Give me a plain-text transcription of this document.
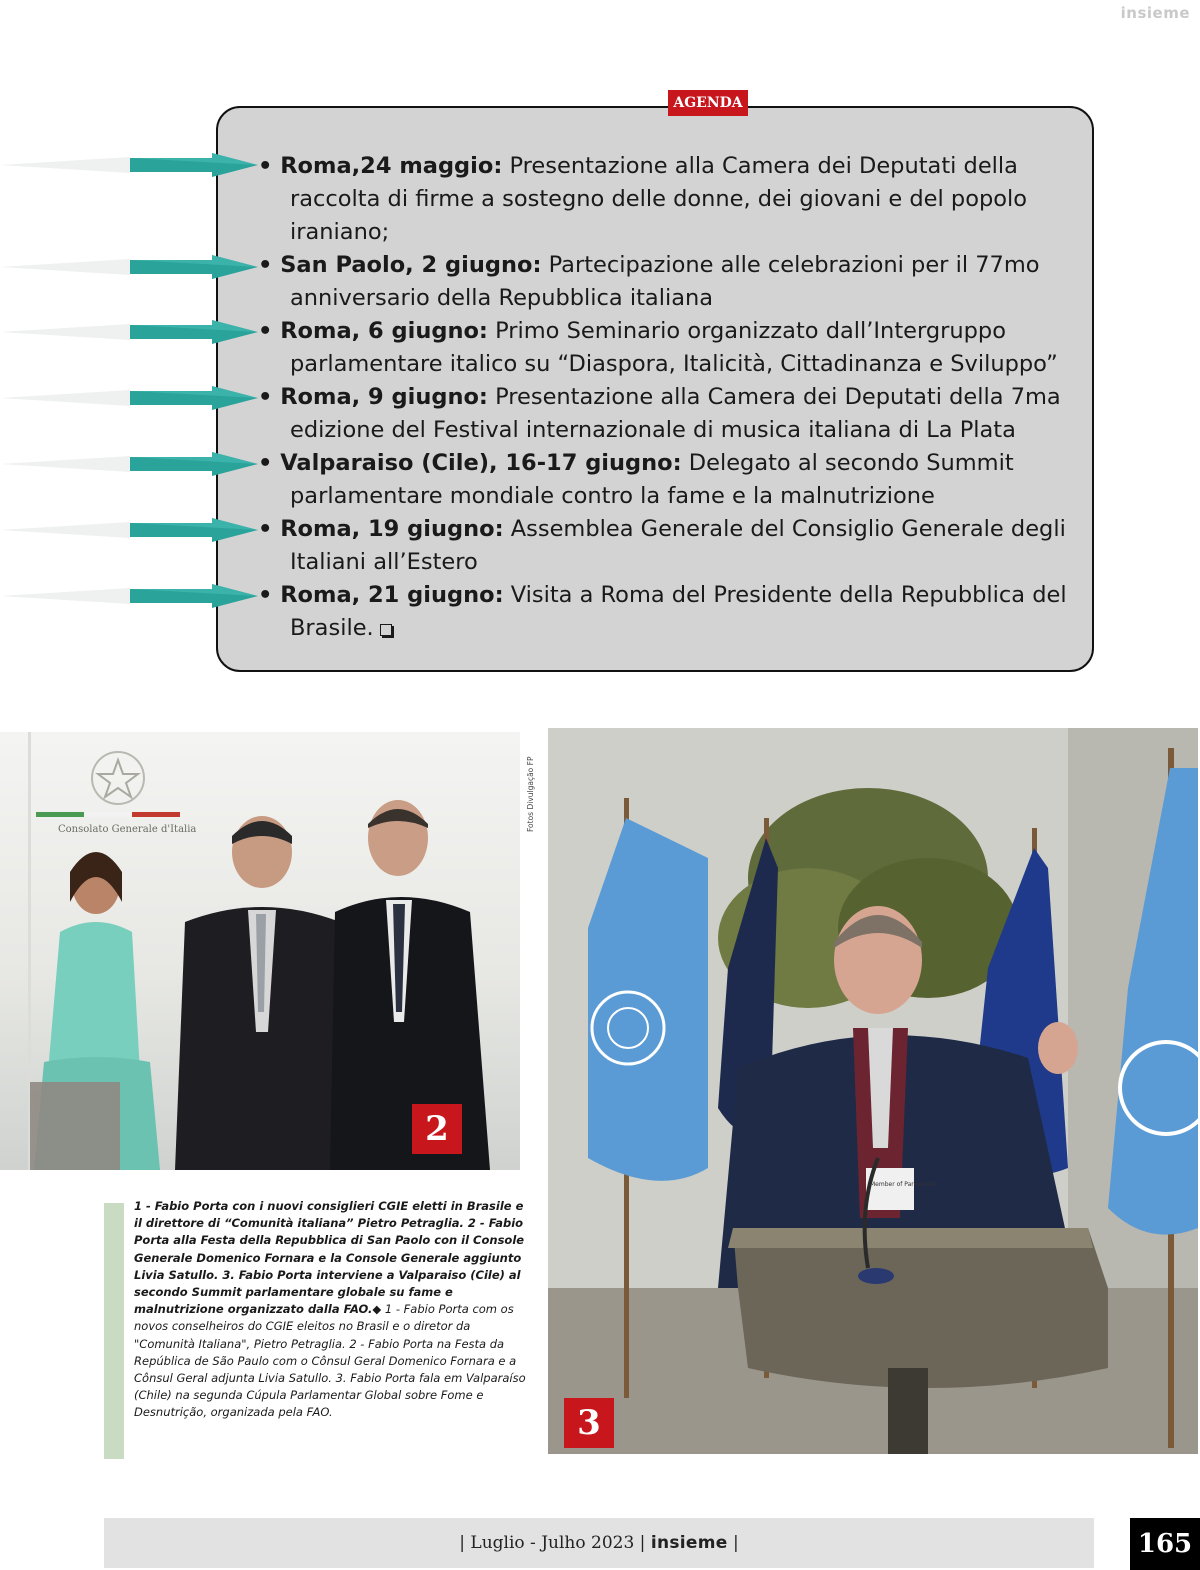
insieme
AGENDA

• Roma,24 maggio: Presentazione alla Camera dei Deputati della
raccolta di firme a sostegno delle donne, dei giovani e del popolo iraniano;

• San Paolo, 2 giugno: Partecipazione alle celebrazioni per il 77mo
anniversario della Repubblica italiana

• Roma, 6 giugno: Primo Seminario organizzato dall’Intergruppo
parlamentare italico su “Diaspora, Italicità, Cittadinanza e Sviluppo”

• Roma, 9 giugno: Presentazione alla Camera dei Deputati della 7ma
edizione del Festival internazionale di musica italiana di La Plata

• Valparaiso (Cile), 16-17 giugno: Delegato al secondo Summit
parlamentare mondiale contro la fame e la malnutrizione

• Roma, 19 giugno: Assemblea Generale del Consiglio Generale degli
Italiani all’Estero

• Roma, 21 giugno: Visita a Roma del Presidente della Repubblica del
Brasile.

Consolato Generale d'Italia
2
Fotos Divulgação FP
Member of Parliament
3
1 - Fabio Porta con i nuovi consiglieri CGIE eletti in Brasile e il direttore di “Comunità italiana” Pietro Petraglia. 2 - Fabio Porta alla Festa della Repubblica di San Paolo con il Console Generale Domenico Fornara e la Console Generale aggiunto Livia Satullo. 3. Fabio Porta interviene a Valparaiso (Cile) al secondo Summit parlamentare globale su fame e malnutrizione organizzato dalla FAO.◆ 1 - Fabio Porta com os novos conselheiros do CGIE eleitos no Brasil e o diretor da "Comunità Italiana", Pietro Petraglia. 2 - Fabio Porta na Festa da República de São Paulo com o Cônsul Geral Domenico Fornara e a Cônsul Geral adjunta Livia Satullo. 3. Fabio Porta fala em Valparaíso (Chile) na segunda Cúpula Parlamentar Global sobre Fome e Desnutrição, organizada pela FAO.
| Luglio - Julho 2023 | insieme |	165
